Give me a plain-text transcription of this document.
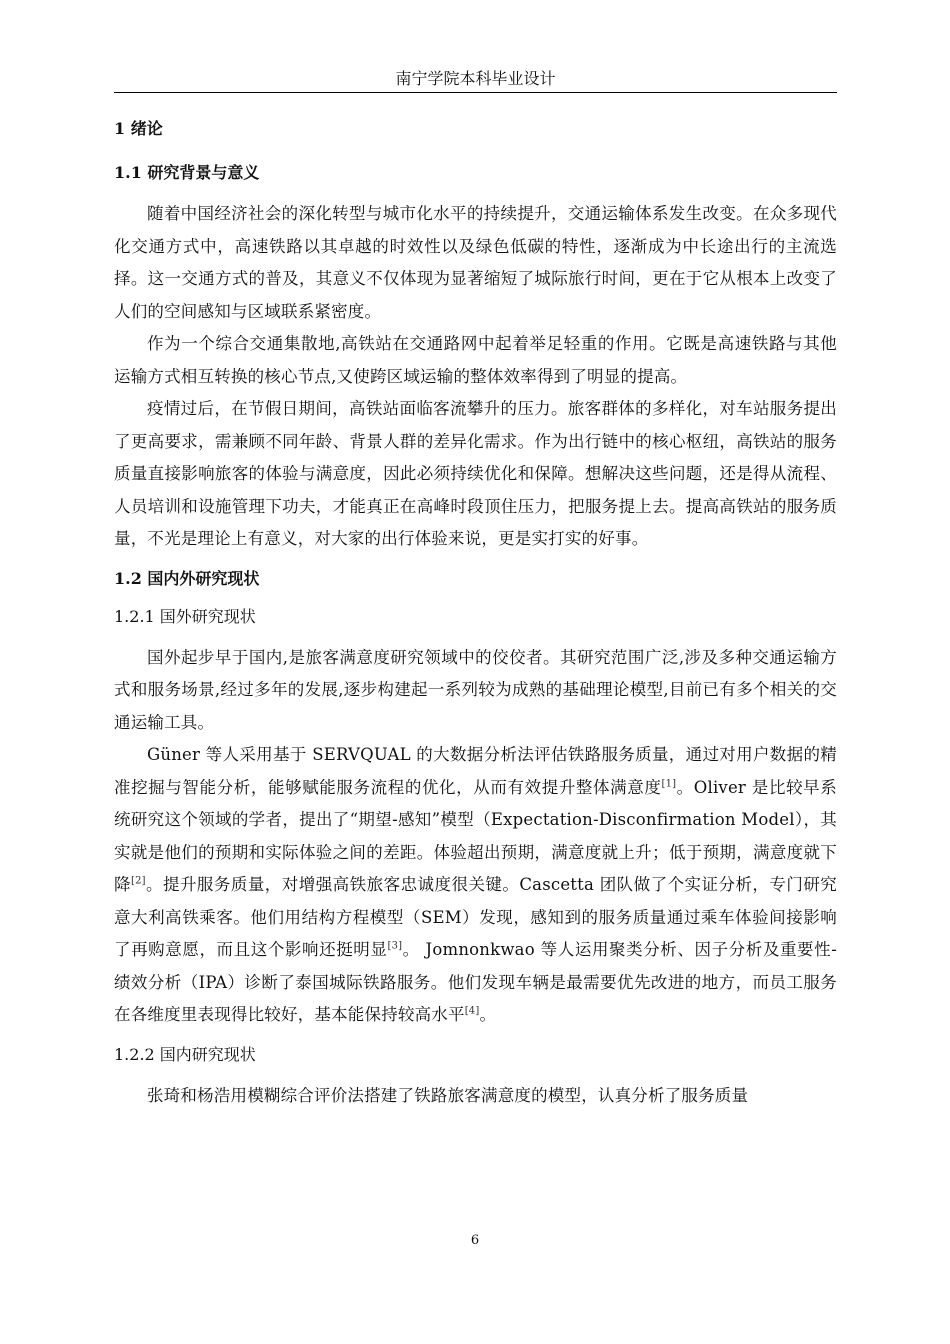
南宁学院本科毕业设计
1 绪论
1.1 研究背景与意义

随着中国经济社会的深化转型与城市化水平的持续提升，交通运输体系发生改变。在众多现代化交通方式中，高速铁路以其卓越的时效性以及绿色低碳的特性，逐渐成为中长途出行的主流选择。这一交通方式的普及，其意义不仅体现为显著缩短了城际旅行时间，更在于它从根本上改变了人们的空间感知与区域联系紧密度。

作为一个综合交通集散地,高铁站在交通路网中起着举足轻重的作用。它既是高速铁路与其他运输方式相互转换的核心节点,又使跨区域运输的整体效率得到了明显的提高。

疫情过后，在节假日期间，高铁站面临客流攀升的压力。旅客群体的多样化，对车站服务提出了更高要求，需兼顾不同年龄、背景人群的差异化需求。作为出行链中的核心枢纽，高铁站的服务质量直接影响旅客的体验与满意度，因此必须持续优化和保障。想解决这些问题，还是得从流程、人员培训和设施管理下功夫，才能真正在高峰时段顶住压力，把服务提上去。提高高铁站的服务质量，不光是理论上有意义，对大家的出行体验来说，更是实打实的好事。

1.2 国内外研究现状
1.2.1 国外研究现状

国外起步早于国内,是旅客满意度研究领域中的佼佼者。其研究范围广泛,涉及多种交通运输方式和服务场景,经过多年的发展,逐步构建起一系列较为成熟的基础理论模型,目前已有多个相关的交通运输工具。

Güner 等人采用基于 SERVQUAL 的大数据分析法评估铁路服务质量，通过对用户数据的精准挖掘与智能分析，能够赋能服务流程的优化，从而有效提升整体满意度[1]。Oliver 是比较早系统研究这个领域的学者，提出了“期望-感知”模型（Expectation-Disconfirmation Model），其实就是他们的预期和实际体验之间的差距。体验超出预期，满意度就上升；低于预期，满意度就下降[2]。提升服务质量，对增强高铁旅客忠诚度很关键。Cascetta 团队做了个实证分析，专门研究意大利高铁乘客。他们用结构方程模型（SEM）发现，感知到的服务质量通过乘车体验间接影响了再购意愿，而且这个影响还挺明显[3]。 Jomnonkwao 等人运用聚类分析、因子分析及重要性-绩效分析（IPA）诊断了泰国城际铁路服务。他们发现车辆是最需要优先改进的地方，而员工服务在各维度里表现得比较好，基本能保持较高水平[4]。

1.2.2 国内研究现状

张琦和杨浩用模糊综合评价法搭建了铁路旅客满意度的模型，认真分析了服务质量

6
